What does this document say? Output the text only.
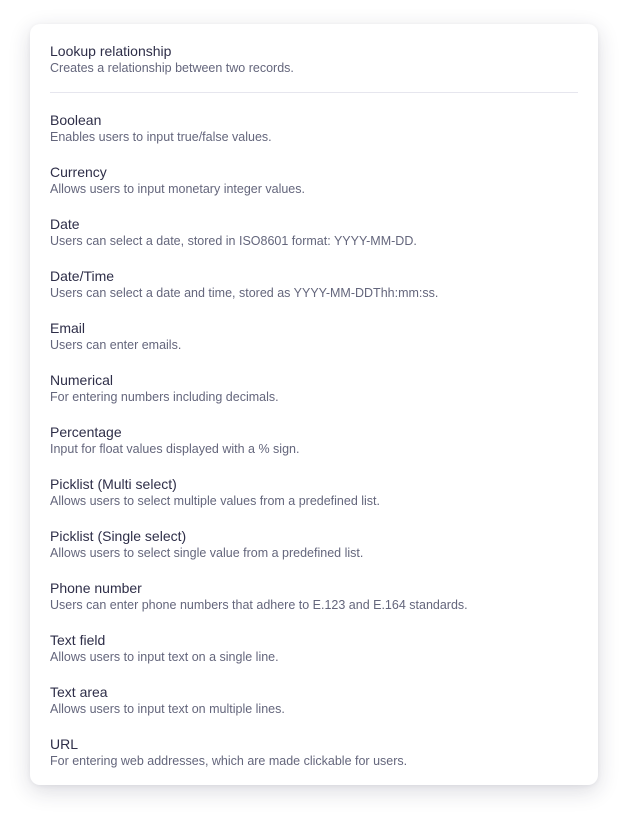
Lookup relationship
Creates a relationship between two records.
Boolean
Enables users to input true/false values.
Currency
Allows users to input monetary integer values.
Date
Users can select a date, stored in ISO8601 format: YYYY-MM-DD.
Date/Time
Users can select a date and time, stored as YYYY-MM-DDThh:mm:ss.
Email
Users can enter emails.
Numerical
For entering numbers including decimals.
Percentage
Input for float values displayed with a % sign.
Picklist (Multi select)
Allows users to select multiple values from a predefined list.
Picklist (Single select)
Allows users to select single value from a predefined list.
Phone number
Users can enter phone numbers that adhere to E.123 and E.164 standards.
Text field
Allows users to input text on a single line.
Text area
Allows users to input text on multiple lines.
URL
For entering web addresses, which are made clickable for users.
